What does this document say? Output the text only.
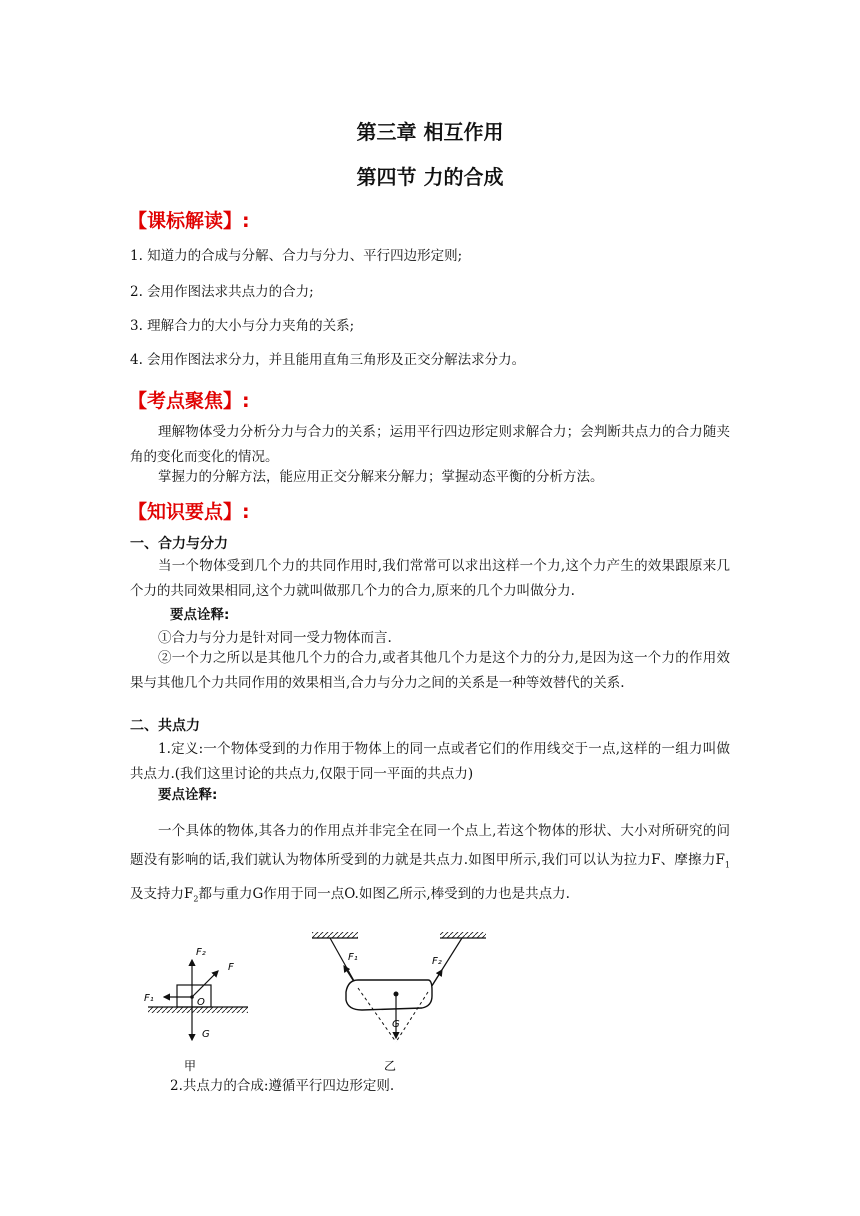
第三章 相互作用
第四节 力的合成
【课标解读】:
1. 知道力的合成与分解、合力与分力、平行四边形定则;
2. 会用作图法求共点力的合力;
3. 理解合力的大小与分力夹角的关系;
4. 会用作图法求分力，并且能用直角三角形及正交分解法求分力。
【考点聚焦】:
理解物体受力分析分力与合力的关系；运用平行四边形定则求解合力；会判断共点力的合力随夹角的变化而变化的情况。
掌握力的分解方法，能应用正交分解来分解力；掌握动态平衡的分析方法。
【知识要点】:
一、合力与分力
当一个物体受到几个力的共同作用时,我们常常可以求出这样一个力,这个力产生的效果跟原来几个力的共同效果相同,这个力就叫做那几个力的合力,原来的几个力叫做分力.
要点诠释:
①合力与分力是针对同一受力物体而言.
②一个力之所以是其他几个力的合力,或者其他几个力是这个力的分力,是因为这一个力的作用效果与其他几个力共同作用的效果相当,合力与分力之间的关系是一种等效替代的关系.
二、共点力
1.定义:一个物体受到的力作用于物体上的同一点或者它们的作用线交于一点,这样的一组力叫做共点力.(我们这里讨论的共点力,仅限于同一平面的共点力)
要点诠释:
一个具体的物体,其各力的作用点并非完全在同一个点上,若这个物体的形状、大小对所研究的问题没有影响的话,我们就认为物体所受到的力就是共点力.如图甲所示,我们可以认为拉力F、摩擦力$F_1$及支持力$F_2$都与重力G作用于同一点O.如图乙所示,棒受到的力也是共点力.
F₂
F
F₁	O
G
甲
F₁	F₂
G
乙
2.共点力的合成:遵循平行四边形定则.
